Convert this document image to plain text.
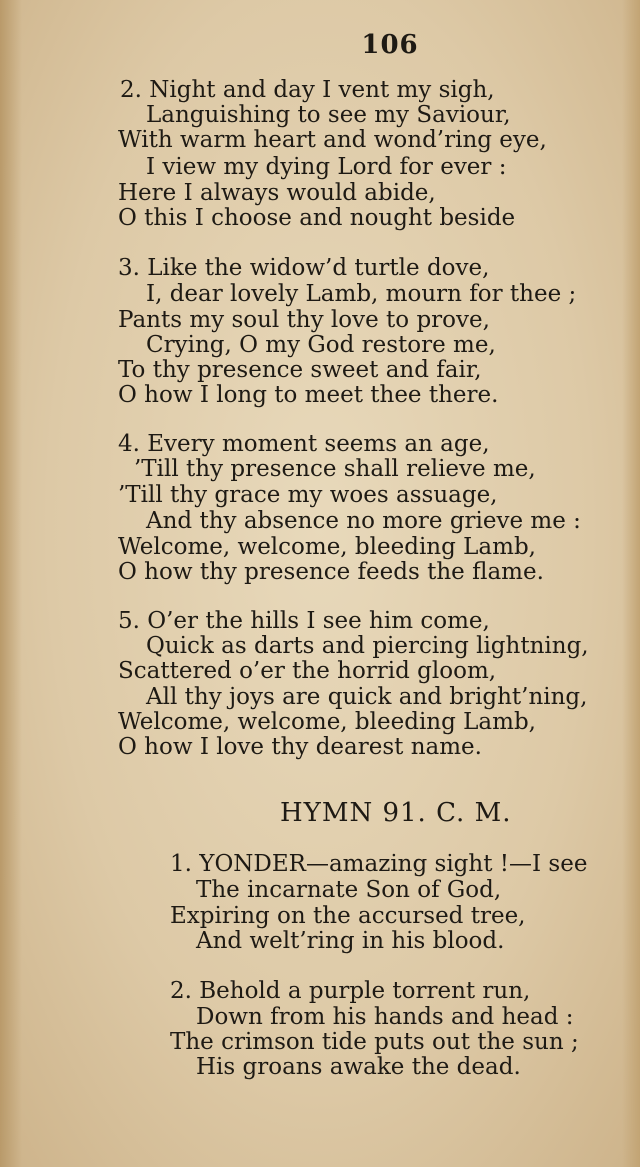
106
2. Night and day I vent my sigh,
Languishing to see my Saviour,
With warm heart and wond’ring eye,
I view my dying Lord for ever :
Here I always would abide,
O this I choose and nought beside
3. Like the widow’d turtle dove,
I, dear lovely Lamb, mourn for thee ;
Pants my soul thy love to prove,
Crying, O my God restore me,
To thy presence sweet and fair,
O how I long to meet thee there.
4. Every moment seems an age,
’Till thy presence shall relieve me,
’Till thy grace my woes assuage,
And thy absence no more grieve me :
Welcome, welcome, bleeding Lamb,
O how thy presence feeds the flame.
5. O’er the hills I see him come,
Quick as darts and piercing lightning,
Scattered o’er the horrid gloom,
All thy joys are quick and bright’ning,
Welcome, welcome, bleeding Lamb,
O how I love thy dearest name.
HYMN 91. C. M.
1. YONDER—amazing sight !—I see
The incarnate Son of God,
Expiring on the accursed tree,
And welt’ring in his blood.
2. Behold a purple torrent run,
Down from his hands and head :
The crimson tide puts out the sun ;
His groans awake the dead.
